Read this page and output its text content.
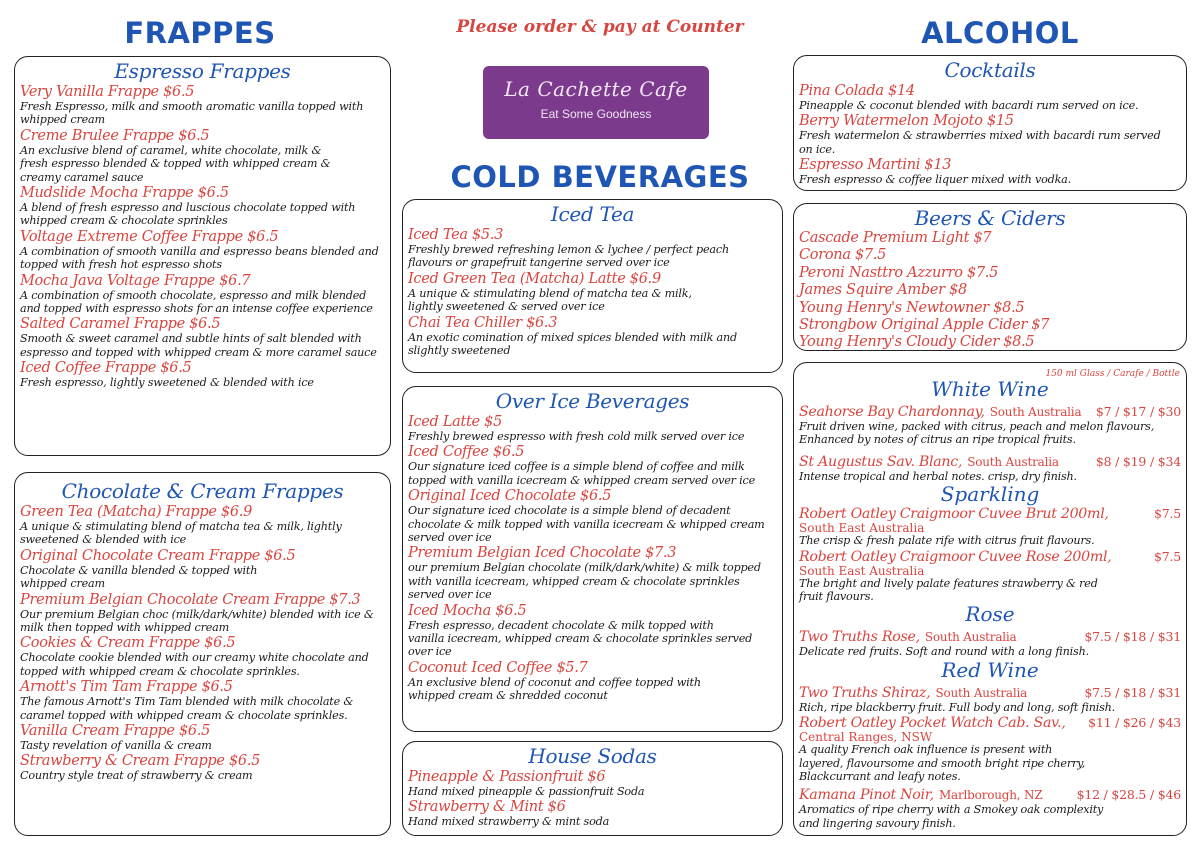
FRAPPES	ALCOHOL
COLD BEVERAGES
Please order & pay at Counter
La Cachette Cafe
Eat Some Goodness
Espresso Frappes
Very Vanilla Frappe $6.5
Fresh Espresso, milk and smooth aromatic vanilla topped with whipped cream
Creme Brulee Frappe $6.5
An exclusive blend of caramel, white chocolate, milk & fresh espresso blended & topped with whipped cream & creamy caramel sauce
Mudslide Mocha Frappe $6.5
A blend of fresh espresso and luscious chocolate topped with whipped cream & chocolate sprinkles
Voltage Extreme Coffee Frappe $6.5
A combination of smooth vanilla and espresso beans blended and topped with fresh hot espresso shots
Mocha Java Voltage Frappe $6.7
A combination of smooth chocolate, espresso and milk blended and topped with espresso shots for an intense coffee experience
Salted Caramel Frappe $6.5
Smooth & sweet caramel and subtle hints of salt blended with espresso and topped with whipped cream & more caramel sauce
Iced Coffee Frappe $6.5
Fresh espresso, lightly sweetened & blended with ice
Chocolate & Cream Frappes
Green Tea (Matcha) Frappe $6.9
A unique & stimulating blend of matcha tea & milk, lightly sweetened & blended with ice
Original Chocolate Cream Frappe $6.5
Chocolate & vanilla blended & topped with whipped cream
Premium Belgian Chocolate Cream Frappe $7.3
Our premium Belgian choc (milk/dark/white) blended with ice & milk then topped with whipped cream
Cookies & Cream Frappe $6.5
Chocolate cookie blended with our creamy white chocolate and topped with whipped cream & chocolate sprinkles.
Arnott's Tim Tam Frappe $6.5
The famous Arnott's Tim Tam blended with milk chocolate & caramel topped with whipped cream & chocolate sprinkles.
Vanilla Cream Frappe $6.5
Tasty revelation of vanilla & cream
Strawberry & Cream Frappe $6.5
Country style treat of strawberry & cream
Iced Tea
Iced Tea $5.3
Freshly brewed refreshing lemon & lychee / perfect peach flavours or grapefruit tangerine served over ice
Iced Green Tea (Matcha) Latte $6.9
A unique & stimulating blend of matcha tea & milk, lightly sweetened & served over ice
Chai Tea Chiller $6.3
An exotic comination of mixed spices blended with milk and slightly sweetened
Over Ice Beverages
Iced Latte $5
Freshly brewed espresso with fresh cold milk served over ice
Iced Coffee $6.5
Our signature iced coffee is a simple blend of coffee and milk topped with vanilla icecream & whipped cream served over ice
Original Iced Chocolate $6.5
Our signature iced chocolate is a simple blend of decadent chocolate & milk topped with vanilla icecream & whipped cream served over ice
Premium Belgian Iced Chocolate $7.3
our premium Belgian chocolate (milk/dark/white) & milk topped with vanilla icecream, whipped cream & chocolate sprinkles served over ice
Iced Mocha $6.5
Fresh espresso, decadent chocolate & milk topped with vanilla icecream, whipped cream & chocolate sprinkles served over ice
Coconut Iced Coffee $5.7
An exclusive blend of coconut and coffee topped with whipped cream & shredded coconut
House Sodas
Pineapple & Passionfruit $6
Hand mixed pineapple & passionfruit Soda
Strawberry & Mint $6
Hand mixed strawberry & mint soda
Cocktails
Pina Colada $14
Pineapple & coconut blended with bacardi rum served on ice.
Berry Watermelon Mojoto $15
Fresh watermelon & strawberries mixed with bacardi rum served on ice.
Espresso Martini $13
Fresh espresso & coffee liquer mixed with vodka.
Beers & Ciders
Cascade Premium Light $7
Corona $7.5
Peroni Nasttro Azzurro $7.5
James Squire Amber $8
Young Henry's Newtowner $8.5
Strongbow Original Apple Cider $7
Young Henry's Cloudy Cider $8.5
150 ml Glass / Carafe / Bottle
White Wine
Seahorse Bay Chardonnay, South Australia $7 / $17 / $30
Fruit driven wine, packed with citrus, peach and melon flavours, Enhanced by notes of citrus an ripe tropical fruits.
St Augustus Sav. Blanc, South Australia	$8 / $19 / $34
Intense tropical and herbal notes. crisp, dry finish.
Sparkling
Robert Oatley Craigmoor Cuvee Brut 200ml,	$7.5
South East Australia
The crisp & fresh palate rife with citrus fruit flavours.
Robert Oatley Craigmoor Cuvee Rose 200ml,	$7.5
South East Australia
The bright and lively palate features strawberry & red fruit flavours.
Rose
Two Truths Rose, South Australia	$7.5 / $18 / $31
Delicate red fruits. Soft and round with a long finish.
Red Wine
Two Truths Shiraz, South Australia	$7.5 / $18 / $31
Rich, ripe blackberry fruit. Full body and long, soft finish.
Robert Oatley Pocket Watch Cab. Sav., $11 / $26 / $43
Central Ranges, NSW
A quality French oak influence is present with layered, flavoursome and smooth bright ripe cherry, Blackcurrant and leafy notes.
Kamana Pinot Noir, Marlborough, NZ	$12 / $28.5 / $46
Aromatics of ripe cherry with a Smokey oak complexity and lingering savoury finish.
